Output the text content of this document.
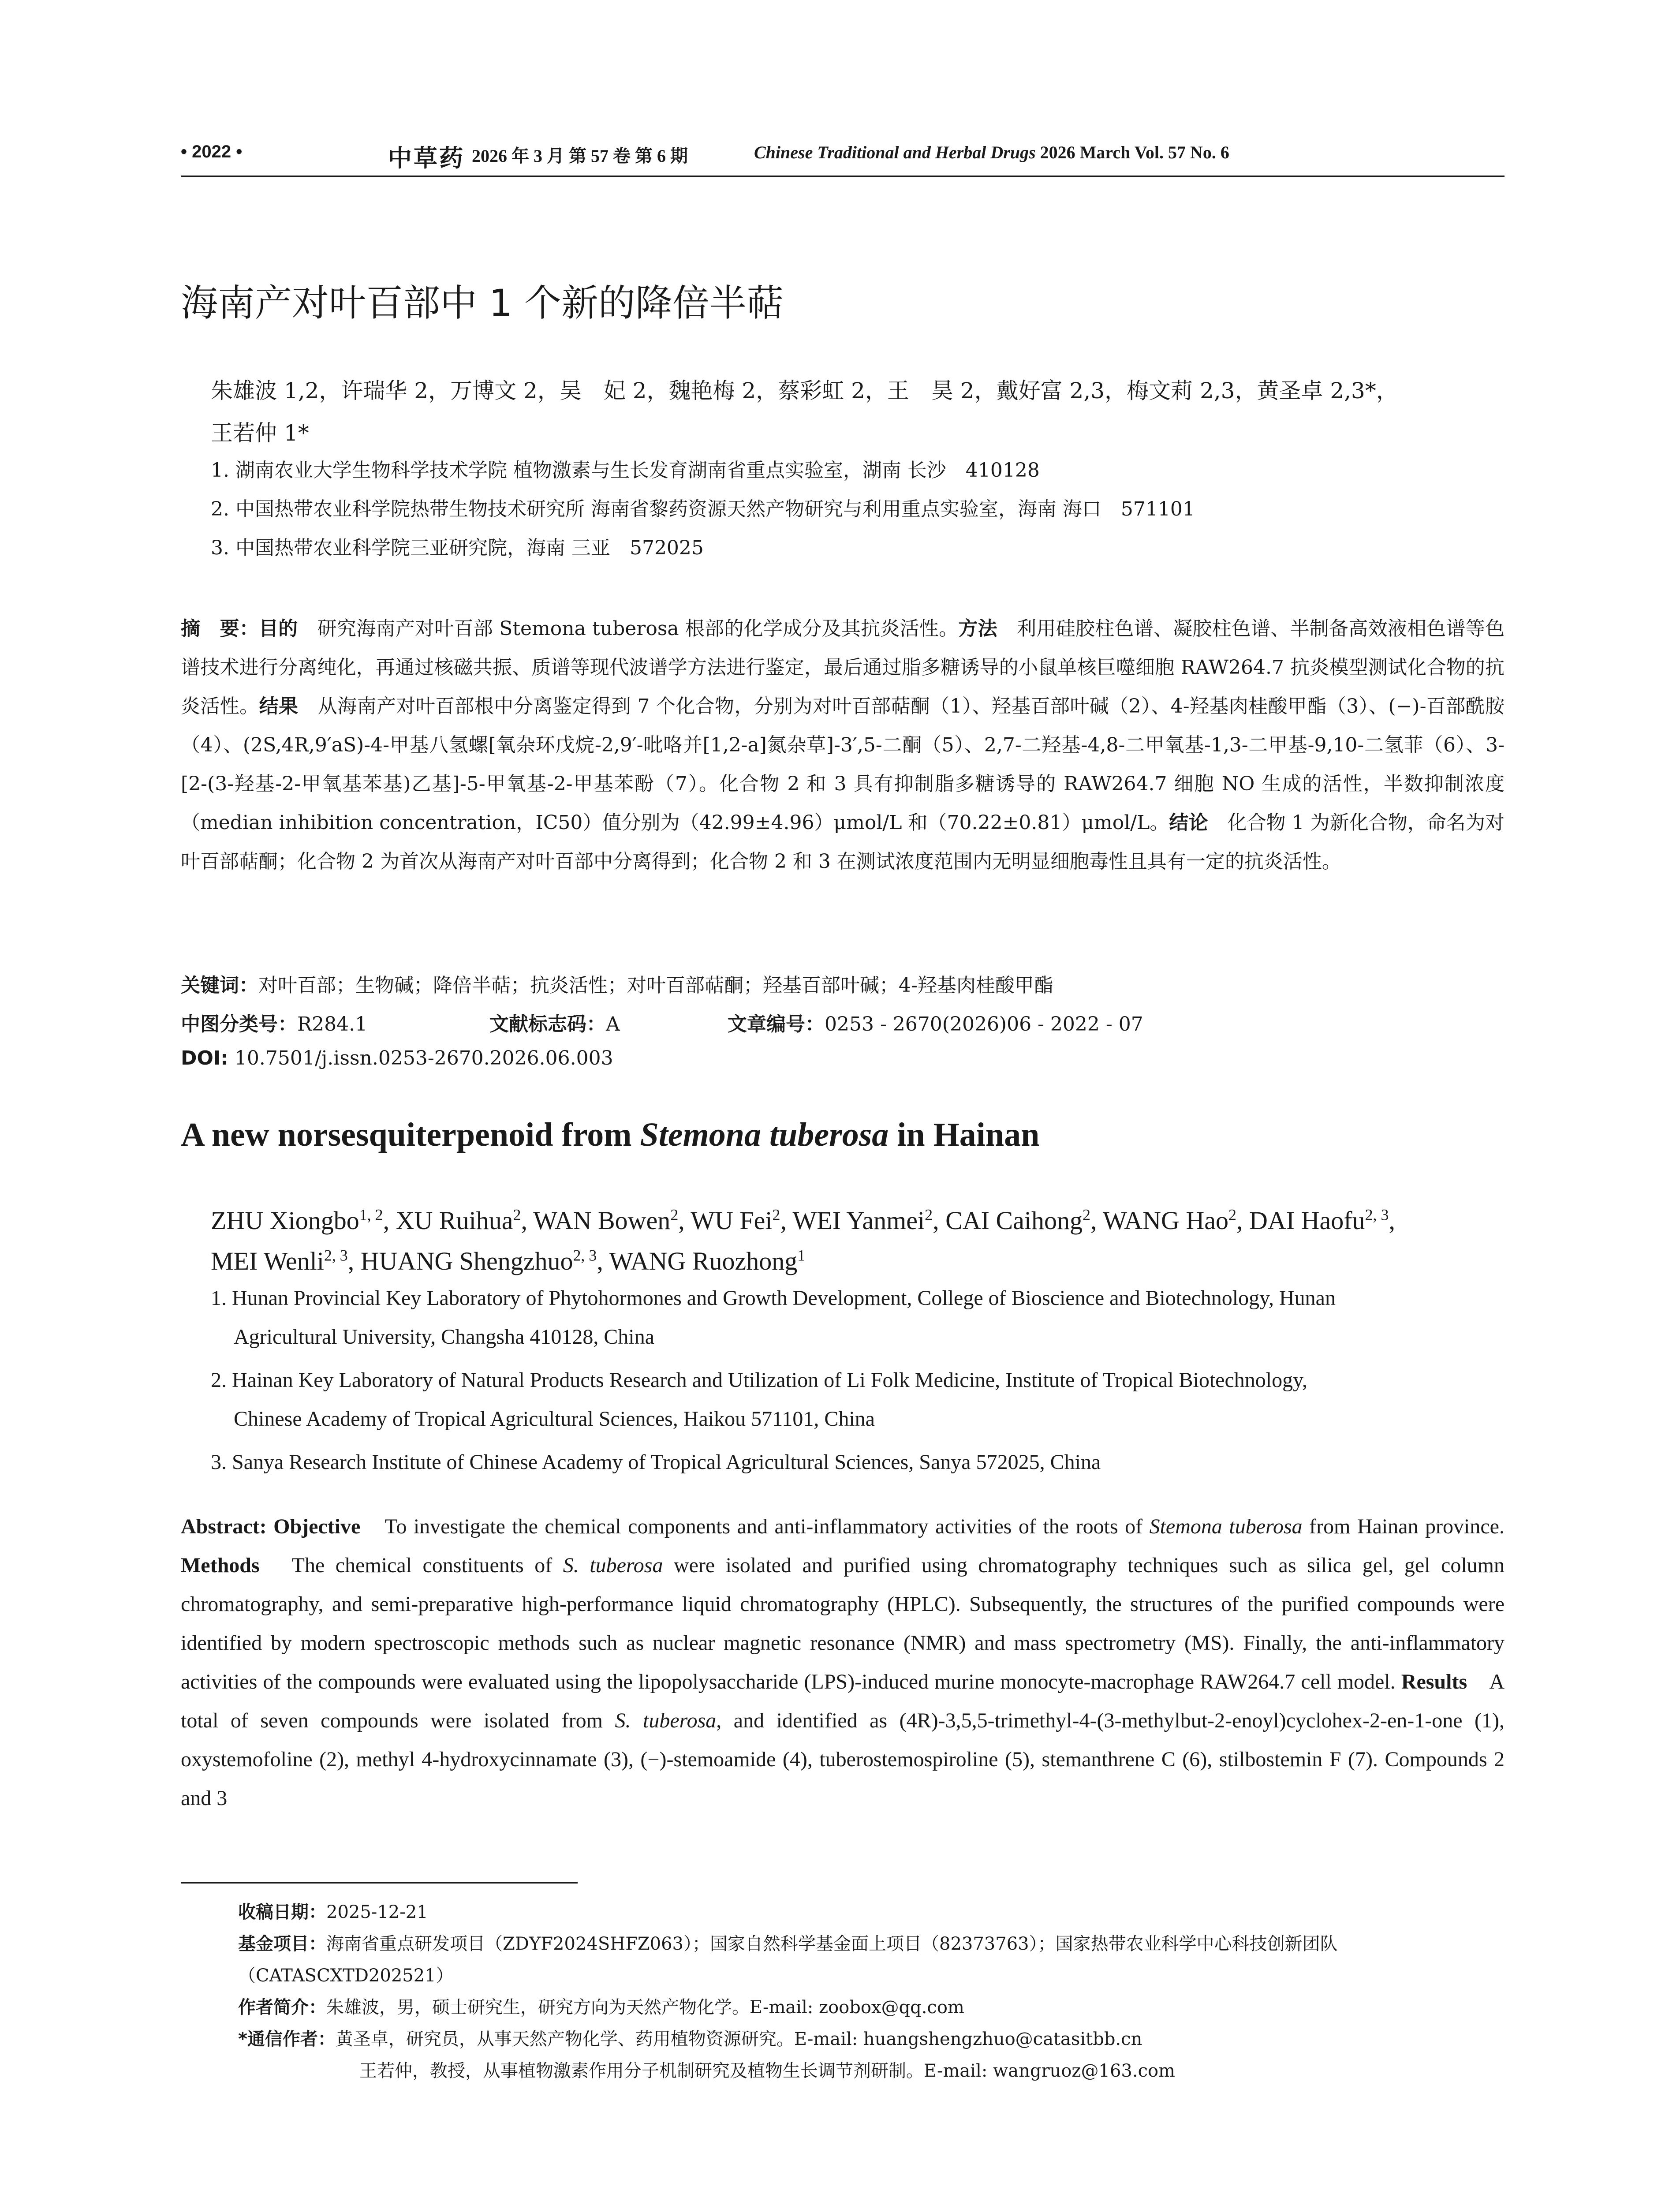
• 2022 •	中草药 2026 年 3 月 第 57 卷 第 6 期	Chinese Traditional and Herbal Drugs 2026 March Vol. 57 No. 6
海南产对叶百部中 1 个新的降倍半萜
朱雄波 1,2，许瑞华 2，万博文 2，吴　妃 2，魏艳梅 2，蔡彩虹 2，王　昊 2，戴好富 2,3，梅文莉 2,3，黄圣卓 2,3*，
王若仲 1*
1. 湖南农业大学生物科学技术学院 植物激素与生长发育湖南省重点实验室，湖南 长沙　410128
2. 中国热带农业科学院热带生物技术研究所 海南省黎药资源天然产物研究与利用重点实验室，海南 海口　571101
3. 中国热带农业科学院三亚研究院，海南 三亚　572025
摘　要：目的　研究海南产对叶百部 Stemona tuberosa 根部的化学成分及其抗炎活性。方法　利用硅胶柱色谱、凝胶柱色谱、半制备高效液相色谱等色谱技术进行分离纯化，再通过核磁共振、质谱等现代波谱学方法进行鉴定，最后通过脂多糖诱导的小鼠单核巨噬细胞 RAW264.7 抗炎模型测试化合物的抗炎活性。结果　从海南产对叶百部根中分离鉴定得到 7 个化合物，分别为对叶百部萜酮（1）、羟基百部叶碱（2）、4-羟基肉桂酸甲酯（3）、(−)-百部酰胺（4）、(2S,4R,9′aS)-4-甲基八氢螺[氧杂环戊烷-2,9′-吡咯并[1,2-a]氮杂草]-3′,5-二酮（5）、2,7-二羟基-4,8-二甲氧基-1,3-二甲基-9,10-二氢菲（6）、3-[2-(3-羟基-2-甲氧基苯基)乙基]-5-甲氧基-2-甲基苯酚（7）。化合物 2 和 3 具有抑制脂多糖诱导的 RAW264.7 细胞 NO 生成的活性，半数抑制浓度（median inhibition concentration，IC50）值分别为（42.99±4.96）μmol/L 和（70.22±0.81）μmol/L。结论　化合物 1 为新化合物，命名为对叶百部萜酮；化合物 2 为首次从海南产对叶百部中分离得到；化合物 2 和 3 在测试浓度范围内无明显细胞毒性且具有一定的抗炎活性。
关键词：对叶百部；生物碱；降倍半萜；抗炎活性；对叶百部萜酮；羟基百部叶碱；4-羟基肉桂酸甲酯
中图分类号：R284.1	文献标志码：A	文章编号：0253 - 2670(2026)06 - 2022 - 07
DOI: 10.7501/j.issn.0253-2670.2026.06.003
A new norsesquiterpenoid from Stemona tuberosa in Hainan
ZHU Xiongbo$^{1, 2}$, XU Ruihua$^2$, WAN Bowen$^2$, WU Fei$^2$, WEI Yanmei$^2$, CAI Caihong$^2$, WANG Hao$^2$, DAI Haofu$^{2, 3}$,
MEI Wenli$^{2, 3}$, HUANG Shengzhuo$^{2, 3}$, WANG Ruozhong$^1$
1. Hunan Provincial Key Laboratory of Phytohormones and Growth Development, College of Bioscience and Biotechnology, Hunan
Agricultural University, Changsha 410128, China
2. Hainan Key Laboratory of Natural Products Research and Utilization of Li Folk Medicine, Institute of Tropical Biotechnology,
Chinese Academy of Tropical Agricultural Sciences, Haikou 571101, China
3. Sanya Research Institute of Chinese Academy of Tropical Agricultural Sciences, Sanya 572025, China
Abstract: Objective　To investigate the chemical components and anti-inflammatory activities of the roots of Stemona tuberosa from Hainan province. Methods　The chemical constituents of S. tuberosa were isolated and purified using chromatography techniques such as silica gel, gel column chromatography, and semi-preparative high-performance liquid chromatography (HPLC). Subsequently, the structures of the purified compounds were identified by modern spectroscopic methods such as nuclear magnetic resonance (NMR) and mass spectrometry (MS). Finally, the anti-inflammatory activities of the compounds were evaluated using the lipopolysaccharide (LPS)-induced murine monocyte-macrophage RAW264.7 cell model. Results　A total of seven compounds were isolated from S. tuberosa, and identified as (4R)-3,5,5-trimethyl-4-(3-methylbut-2-enoyl)cyclohex-2-en-1-one (1), oxystemofoline (2), methyl 4-hydroxycinnamate (3), (−)-stemoamide (4), tuberostemospiroline (5), stemanthrene C (6), stilbostemin F (7). Compounds 2 and 3
收稿日期：2025-12-21
基金项目：海南省重点研发项目（ZDYF2024SHFZ063）；国家自然科学基金面上项目（82373763）；国家热带农业科学中心科技创新团队（CATASCXTD202521）
作者简介：朱雄波，男，硕士研究生，研究方向为天然产物化学。E-mail: zoobox@qq.com
*通信作者：黄圣卓，研究员，从事天然产物化学、药用植物资源研究。E-mail: huangshengzhuo@catasitbb.cn
王若仲，教授，从事植物激素作用分子机制研究及植物生长调节剂研制。E-mail: wangruoz@163.com
